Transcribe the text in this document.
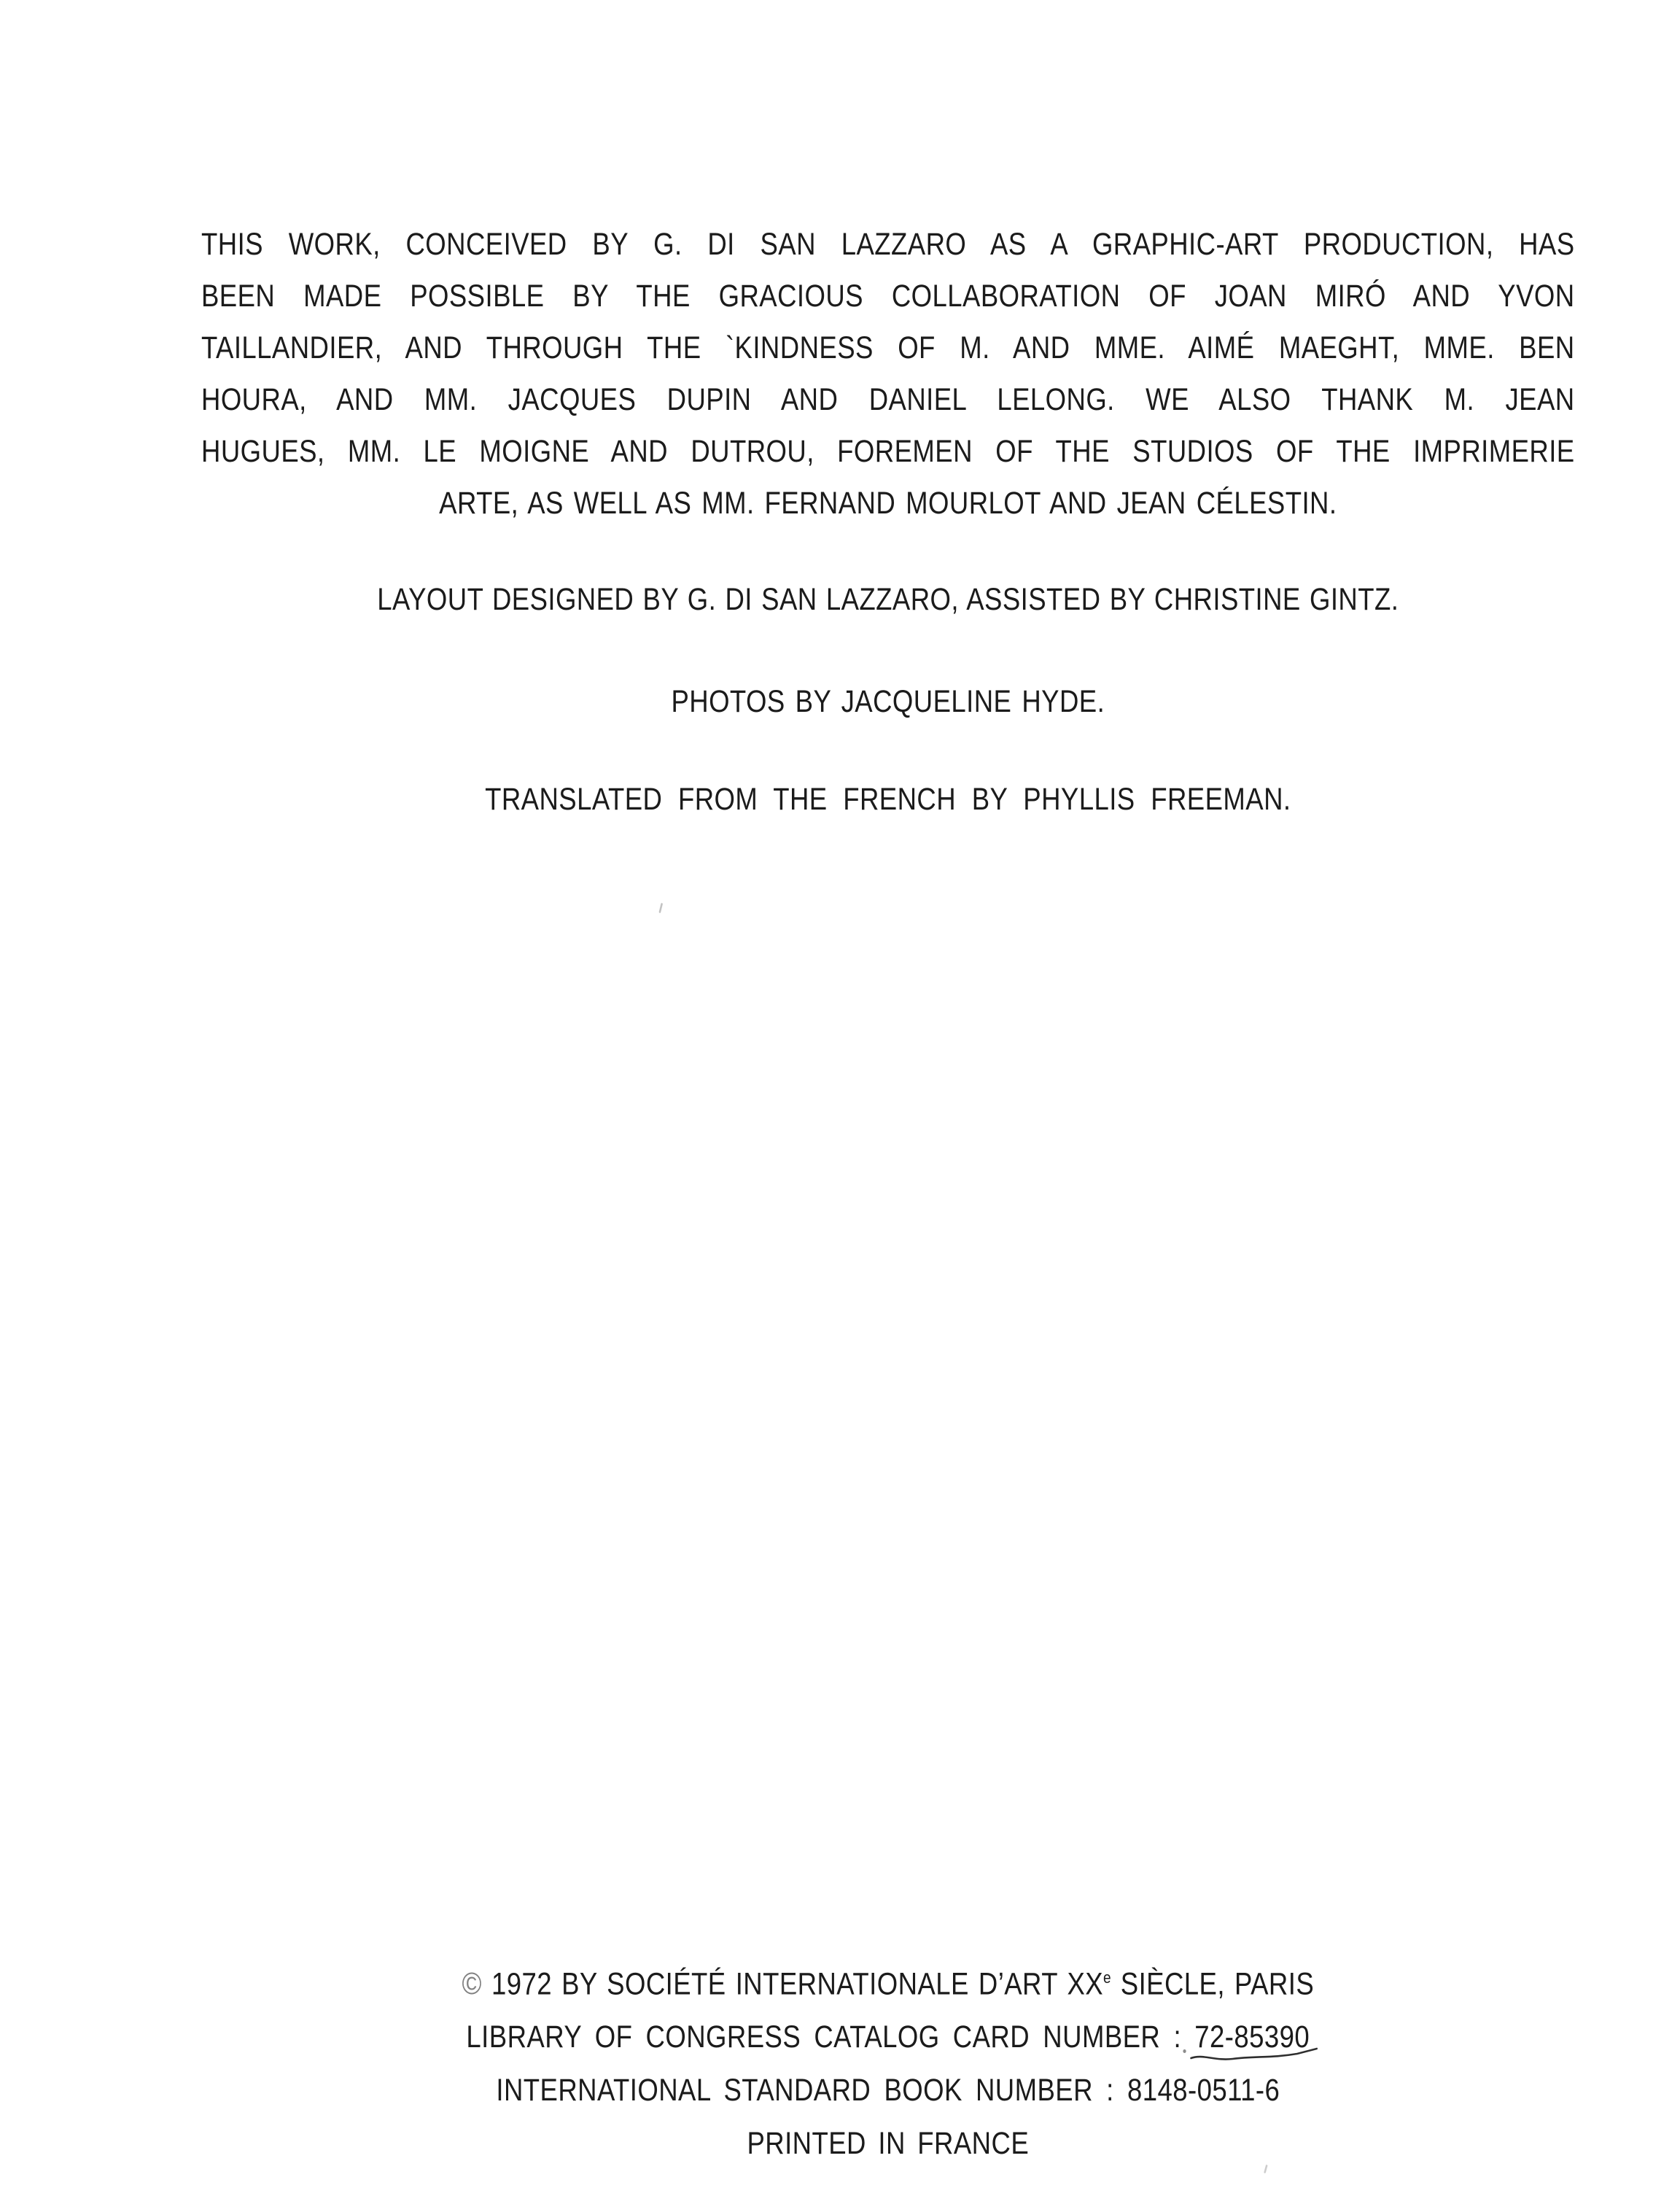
THIS WORK, CONCEIVED BY G. DI SAN LAZZARO AS A GRAPHIC-ART PRODUCTION, HAS
BEEN MADE POSSIBLE BY THE GRACIOUS COLLABORATION OF JOAN MIRÓ AND YVON
TAILLANDIER, AND THROUGH THE `KINDNESS OF M. AND MME. AIMÉ MAEGHT, MME. BEN
HOURA, AND MM. JACQUES DUPIN AND DANIEL LELONG. WE ALSO THANK M. JEAN
HUGUES, MM. LE MOIGNE AND DUTROU, FOREMEN OF THE STUDIOS OF THE IMPRIMERIE
ARTE, AS WELL AS MM. FERNAND MOURLOT AND JEAN CÉLESTIN.
LAYOUT DESIGNED BY G. DI SAN LAZZARO, ASSISTED BY CHRISTINE GINTZ.
PHOTOS BY JACQUELINE HYDE.
TRANSLATED FROM THE FRENCH BY PHYLLIS FREEMAN.
© 1972 BY SOCIÉTÉ INTERNATIONALE D’ART XXe SIÈCLE, PARIS
LIBRARY OF CONGRESS CATALOG CARD NUMBER : 72-85390
INTERNATIONAL STANDARD BOOK NUMBER : 8148-0511-6
PRINTED IN FRANCE
